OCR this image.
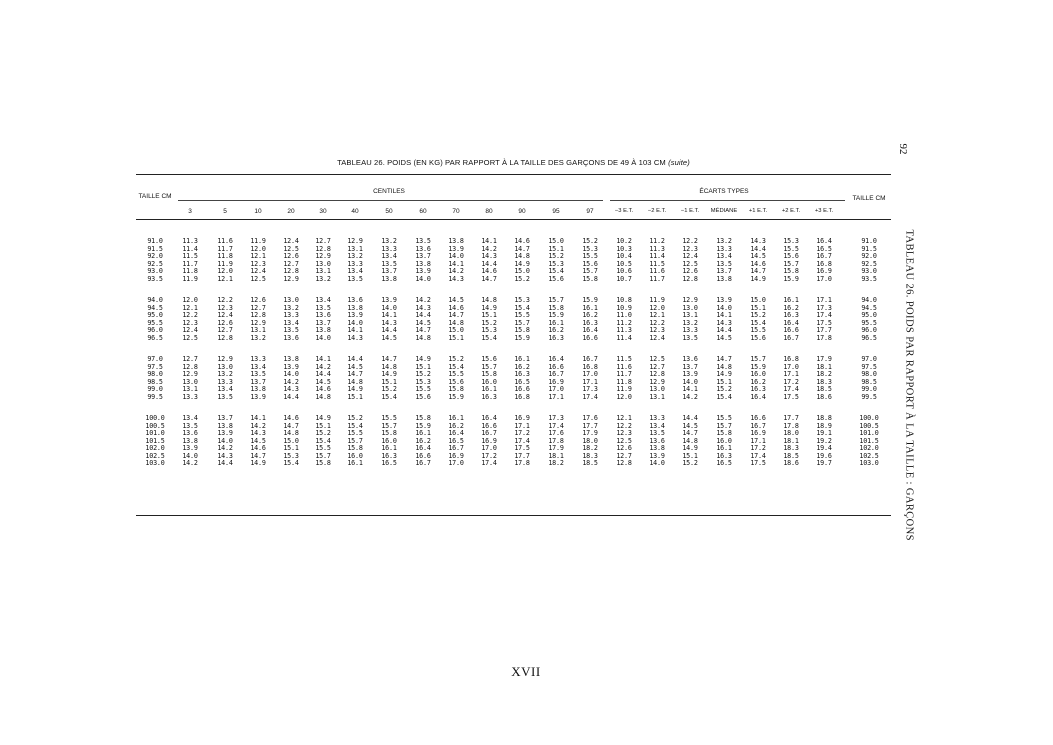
92
TABLEAU 26. POIDS PAR RAPPORT À LA TAILLE : GARÇONS
TABLEAU 26. POIDS (EN KG) PAR RAPPORT À LA TAILLE DES GARÇONS DE 49 À 103 CM (suite)
TAILLE CM	TAILLE CM
CENTILES	ÉCARTS TYPES
3	5	10	20	30	40	50	60	70	80	90	95	97	−3 E.T.	−2 E.T.	−1 E.T.	MÉDIANE	+1 E.T.	+2 E.T.	+3 E.T.
91.0	11.3	11.6	11.9	12.4	12.7	12.9	13.2	13.5	13.8	14.1	14.6	15.0	15.2	10.2	11.2	12.2	13.2	14.3	15.3	16.4	91.0
91.5	11.4	11.7	12.0	12.5	12.8	13.1	13.3	13.6	13.9	14.2	14.7	15.1	15.3	10.3	11.3	12.3	13.3	14.4	15.5	16.5	91.5
92.0	11.5	11.8	12.1	12.6	12.9	13.2	13.4	13.7	14.0	14.3	14.8	15.2	15.5	10.4	11.4	12.4	13.4	14.5	15.6	16.7	92.0
92.5	11.7	11.9	12.3	12.7	13.0	13.3	13.5	13.8	14.1	14.4	14.9	15.3	15.6	10.5	11.5	12.5	13.5	14.6	15.7	16.8	92.5
93.0	11.8	12.0	12.4	12.8	13.1	13.4	13.7	13.9	14.2	14.6	15.0	15.4	15.7	10.6	11.6	12.6	13.7	14.7	15.8	16.9	93.0
93.5	11.9	12.1	12.5	12.9	13.2	13.5	13.8	14.0	14.3	14.7	15.2	15.6	15.8	10.7	11.7	12.8	13.8	14.9	15.9	17.0	93.5
94.0	12.0	12.2	12.6	13.0	13.4	13.6	13.9	14.2	14.5	14.8	15.3	15.7	15.9	10.8	11.9	12.9	13.9	15.0	16.1	17.1	94.0
94.5	12.1	12.3	12.7	13.2	13.5	13.8	14.0	14.3	14.6	14.9	15.4	15.8	16.1	10.9	12.0	13.0	14.0	15.1	16.2	17.3	94.5
95.0	12.2	12.4	12.8	13.3	13.6	13.9	14.1	14.4	14.7	15.1	15.5	15.9	16.2	11.0	12.1	13.1	14.1	15.2	16.3	17.4	95.0
95.5	12.3	12.6	12.9	13.4	13.7	14.0	14.3	14.5	14.8	15.2	15.7	16.1	16.3	11.2	12.2	13.2	14.3	15.4	16.4	17.5	95.5
96.0	12.4	12.7	13.1	13.5	13.8	14.1	14.4	14.7	15.0	15.3	15.8	16.2	16.4	11.3	12.3	13.3	14.4	15.5	16.6	17.7	96.0
96.5	12.5	12.8	13.2	13.6	14.0	14.3	14.5	14.8	15.1	15.4	15.9	16.3	16.6	11.4	12.4	13.5	14.5	15.6	16.7	17.8	96.5
97.0	12.7	12.9	13.3	13.8	14.1	14.4	14.7	14.9	15.2	15.6	16.1	16.4	16.7	11.5	12.5	13.6	14.7	15.7	16.8	17.9	97.0
97.5	12.8	13.0	13.4	13.9	14.2	14.5	14.8	15.1	15.4	15.7	16.2	16.6	16.8	11.6	12.7	13.7	14.8	15.9	17.0	18.1	97.5
98.0	12.9	13.2	13.5	14.0	14.4	14.7	14.9	15.2	15.5	15.8	16.3	16.7	17.0	11.7	12.8	13.9	14.9	16.0	17.1	18.2	98.0
98.5	13.0	13.3	13.7	14.2	14.5	14.8	15.1	15.3	15.6	16.0	16.5	16.9	17.1	11.8	12.9	14.0	15.1	16.2	17.2	18.3	98.5
99.0	13.1	13.4	13.8	14.3	14.6	14.9	15.2	15.5	15.8	16.1	16.6	17.0	17.3	11.9	13.0	14.1	15.2	16.3	17.4	18.5	99.0
99.5	13.3	13.5	13.9	14.4	14.8	15.1	15.4	15.6	15.9	16.3	16.8	17.1	17.4	12.0	13.1	14.2	15.4	16.4	17.5	18.6	99.5
100.0	13.4	13.7	14.1	14.6	14.9	15.2	15.5	15.8	16.1	16.4	16.9	17.3	17.6	12.1	13.3	14.4	15.5	16.6	17.7	18.8	100.0
100.5	13.5	13.8	14.2	14.7	15.1	15.4	15.7	15.9	16.2	16.6	17.1	17.4	17.7	12.2	13.4	14.5	15.7	16.7	17.8	18.9	100.5
101.0	13.6	13.9	14.3	14.8	15.2	15.5	15.8	16.1	16.4	16.7	17.2	17.6	17.9	12.3	13.5	14.7	15.8	16.9	18.0	19.1	101.0
101.5	13.8	14.0	14.5	15.0	15.4	15.7	16.0	16.2	16.5	16.9	17.4	17.8	18.0	12.5	13.6	14.8	16.0	17.1	18.1	19.2	101.5
102.0	13.9	14.2	14.6	15.1	15.5	15.8	16.1	16.4	16.7	17.0	17.5	17.9	18.2	12.6	13.8	14.9	16.1	17.2	18.3	19.4	102.0
102.5	14.0	14.3	14.7	15.3	15.7	16.0	16.3	16.6	16.9	17.2	17.7	18.1	18.3	12.7	13.9	15.1	16.3	17.4	18.5	19.6	102.5
103.0	14.2	14.4	14.9	15.4	15.8	16.1	16.5	16.7	17.0	17.4	17.8	18.2	18.5	12.8	14.0	15.2	16.5	17.5	18.6	19.7	103.0
XVII
